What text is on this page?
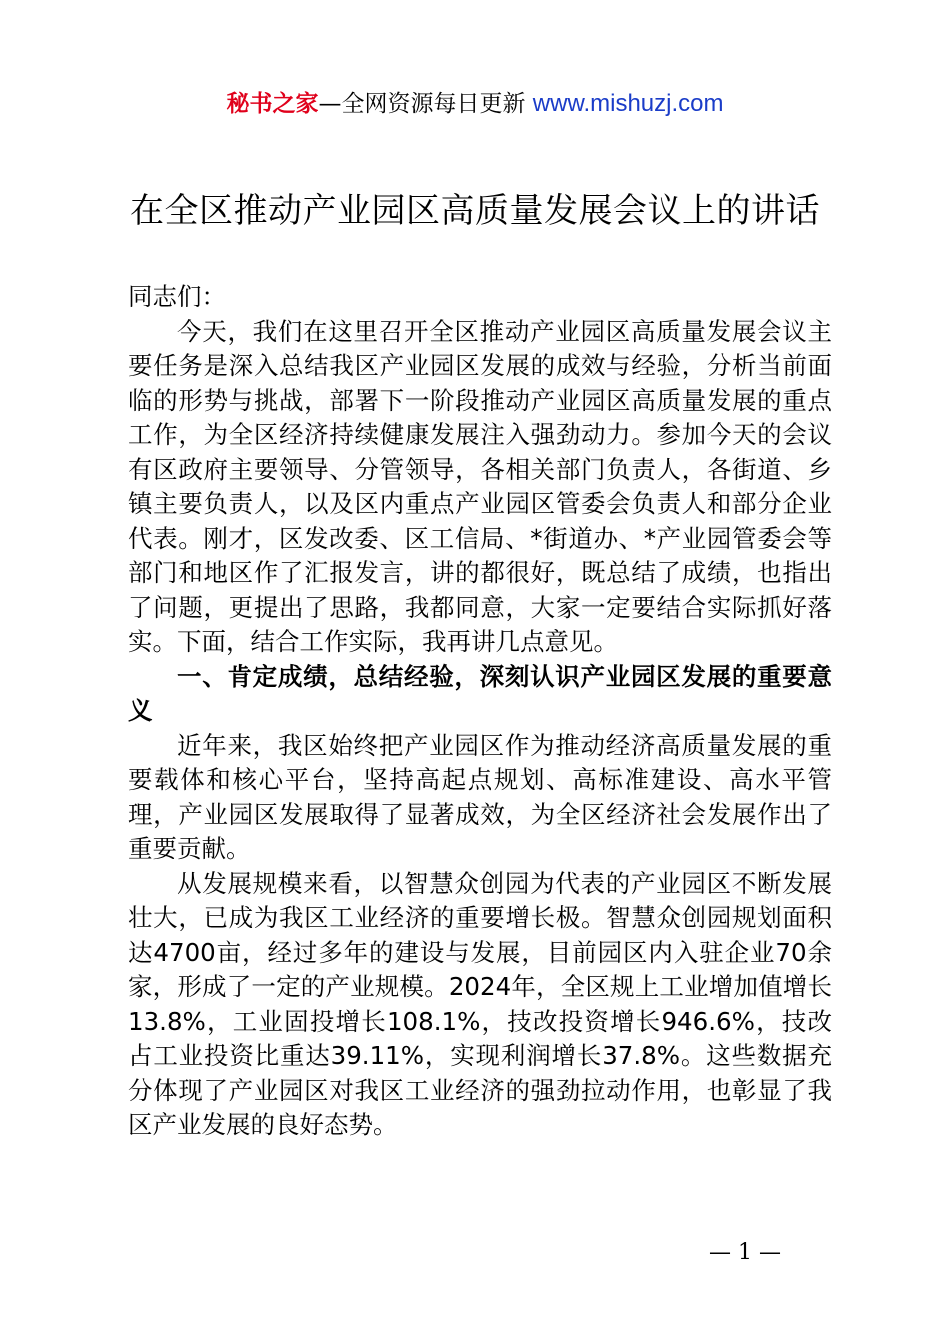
秘书之家—全网资源每日更新 www.mishuzj.com
在全区推动产业园区高质量发展会议上的讲话

同志们：

今天，我们在这里召开全区推动产业园区高质量发展会议主要任务是深入总结我区产业园区发展的成效与经验，分析当前面临的形势与挑战，部署下一阶段推动产业园区高质量发展的重点工作，为全区经济持续健康发展注入强劲动力。参加今天的会议有区政府主要领导、分管领导，各相关部门负责人，各街道、乡镇主要负责人，以及区内重点产业园区管委会负责人和部分企业代表。刚才，区发改委、区工信局、*街道办、*产业园管委会等部门和地区作了汇报发言，讲的都很好，既总结了成绩，也指出了问题，更提出了思路，我都同意，大家一定要结合实际抓好落实。下面，结合工作实际，我再讲几点意见。

一、肯定成绩，总结经验，深刻认识产业园区发展的重要意义

近年来，我区始终把产业园区作为推动经济高质量发展的重要载体和核心平台，坚持高起点规划、高标准建设、高水平管理，产业园区发展取得了显著成效，为全区经济社会发展作出了重要贡献。

从发展规模来看，以智慧众创园为代表的产业园区不断发展壮大，已成为我区工业经济的重要增长极。智慧众创园规划面积达4700亩，经过多年的建设与发展，目前园区内入驻企业70余家，形成了一定的产业规模。2024年，全区规上工业增加值增长13.8%，工业固投增长108.1%，技改投资增长946.6%，技改占工业投资比重达39.11%，实现利润增长37.8%。这些数据充分体现了产业园区对我区工业经济的强劲拉动作用，也彰显了我区产业发展的良好态势。

— 1 —
